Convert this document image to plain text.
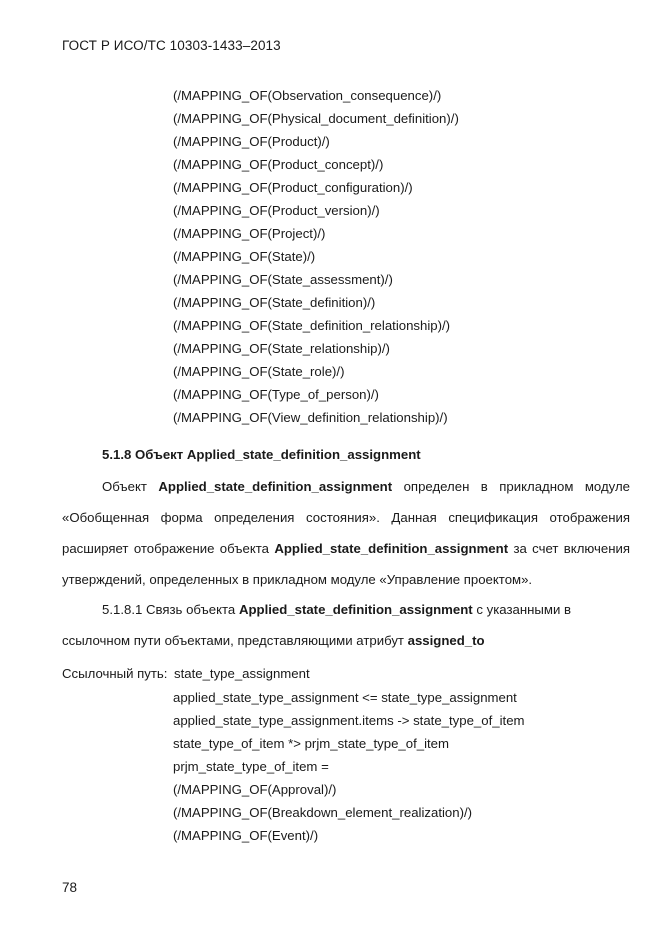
ГОСТ Р ИСО/ТС 10303-1433–2013
(/MAPPING_OF(Observation_consequence)/)
(/MAPPING_OF(Physical_document_definition)/)
(/MAPPING_OF(Product)/)
(/MAPPING_OF(Product_concept)/)
(/MAPPING_OF(Product_configuration)/)
(/MAPPING_OF(Product_version)/)
(/MAPPING_OF(Project)/)
(/MAPPING_OF(State)/)
(/MAPPING_OF(State_assessment)/)
(/MAPPING_OF(State_definition)/)
(/MAPPING_OF(State_definition_relationship)/)
(/MAPPING_OF(State_relationship)/)
(/MAPPING_OF(State_role)/)
(/MAPPING_OF(Type_of_person)/)
(/MAPPING_OF(View_definition_relationship)/)
5.1.8 Объект Applied_state_definition_assignment
Объект Applied_state_definition_assignment определен в прикладном модуле
«Обобщенная форма определения состояния». Данная спецификация отображения
расширяет отображение объекта Applied_state_definition_assignment за счет включения
утверждений, определенных в прикладном модуле «Управление проектом».
5.1.8.1 Связь объекта Applied_state_definition_assignment с указанными в
ссылочном пути объектами, представляющими атрибут assigned_to
Ссылочный путь: state_type_assignment
applied_state_type_assignment <= state_type_assignment
applied_state_type_assignment.items -> state_type_of_item
state_type_of_item *> prjm_state_type_of_item
prjm_state_type_of_item =
(/MAPPING_OF(Approval)/)
(/MAPPING_OF(Breakdown_element_realization)/)
(/MAPPING_OF(Event)/)
78
